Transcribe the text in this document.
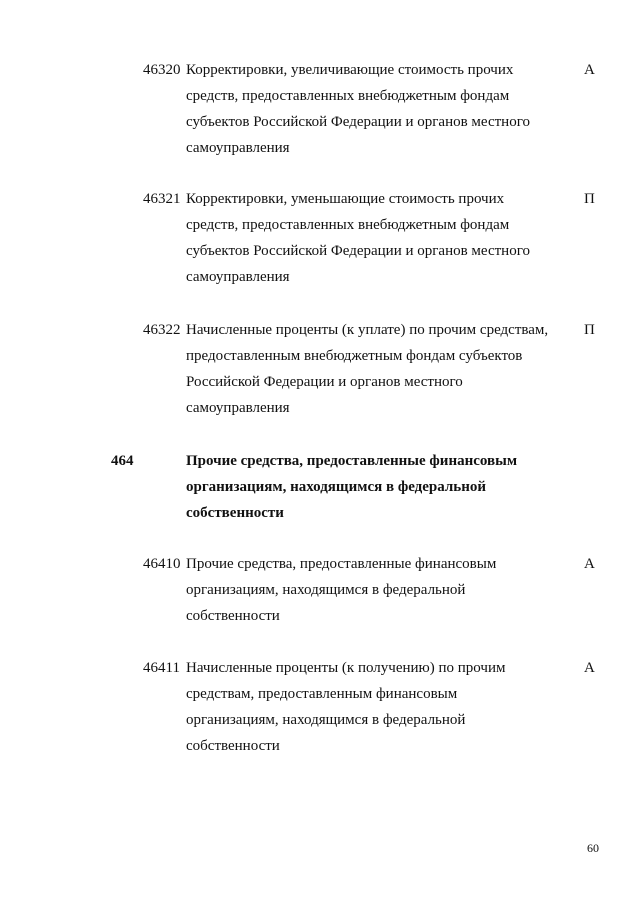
46320 Корректировки, увеличивающие стоимость прочих
средств, предоставленных внебюджетным фондам
субъектов Российской Федерации и органов местного
самоуправления
А
46321 Корректировки, уменьшающие стоимость прочих
средств, предоставленных внебюджетным фондам
субъектов Российской Федерации и органов местного
самоуправления
П
46322 Начисленные проценты (к уплате) по прочим средствам,
предоставленным внебюджетным фондам субъектов
Российской Федерации и органов местного
самоуправления
П
464	Прочие средства, предоставленные финансовым
организациям, находящимся в федеральной
собственности
46410 Прочие средства, предоставленные финансовым
организациям, находящимся в федеральной
собственности
А
46411 Начисленные проценты (к получению) по прочим
средствам, предоставленным финансовым
организациям, находящимся в федеральной
собственности
А
60
